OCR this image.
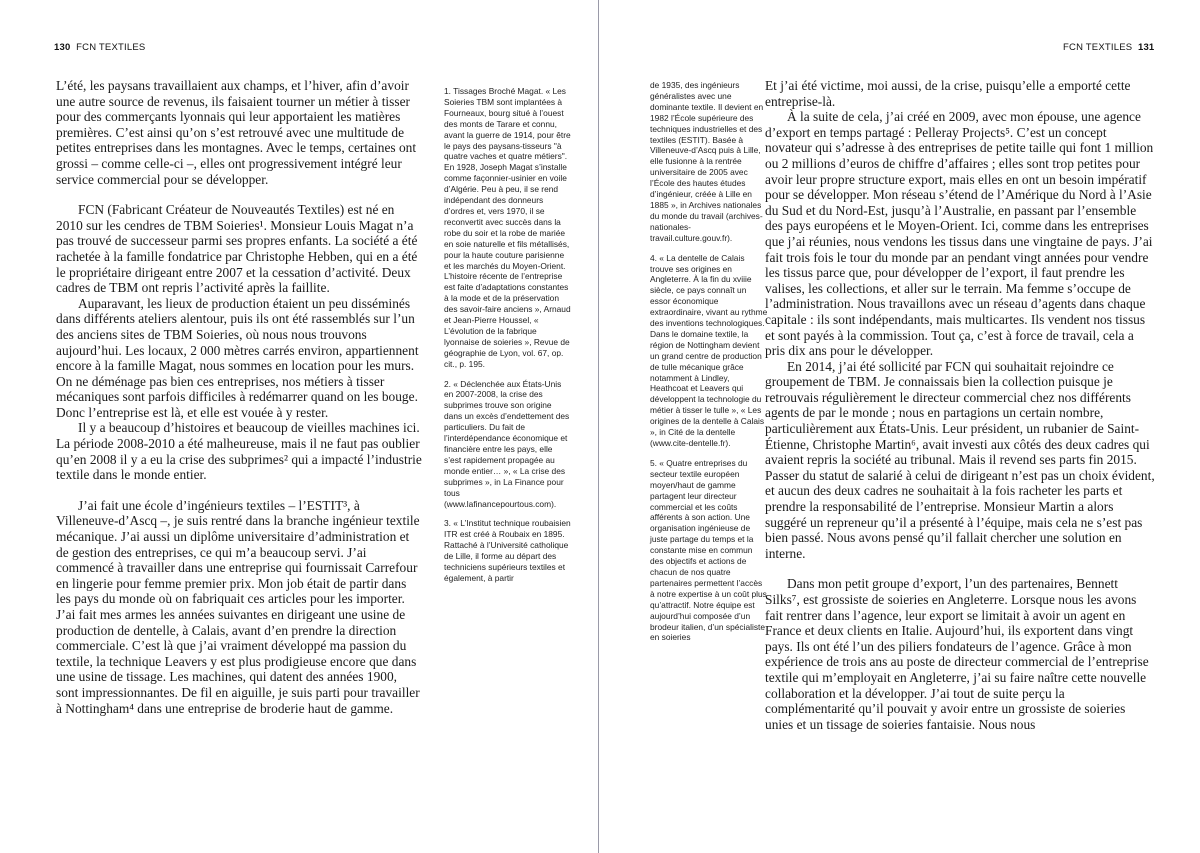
130 FCN TEXTILES

L’été, les paysans travaillaient aux champs, et l’hiver, afin d’avoir une autre source de revenus, ils faisaient tourner un métier à tisser pour des commerçants lyonnais qui leur apportaient les matières premières. C’est ainsi qu’on s’est retrouvé avec une multitude de petites entreprises dans les montagnes. Avec le temps, certaines ont grossi – comme celle-ci –, elles ont progressivement intégré leur service commercial pour se développer.

FCN (Fabricant Créateur de Nouveautés Textiles) est né en 2010 sur les cendres de TBM Soieries¹. Monsieur Louis Magat n’a pas trouvé de successeur parmi ses propres enfants. La société a été rachetée à la famille fondatrice par Christophe Hebben, qui en a été le propriétaire dirigeant entre 2007 et la cessation d’activité. Deux cadres de TBM ont repris l’activité après la faillite.

Auparavant, les lieux de production étaient un peu disséminés dans différents ateliers alentour, puis ils ont été rassemblés sur l’un des anciens sites de TBM Soieries, où nous nous trouvons aujourd’hui. Les locaux, 2 000 mètres carrés environ, appartiennent encore à la famille Magat, nous sommes en location pour les murs. On ne déménage pas bien ces entreprises, nos métiers à tisser mécaniques sont parfois difficiles à redémarrer quand on les bouge. Donc l’entreprise est là, et elle est vouée à y rester.

Il y a beaucoup d’histoires et beaucoup de vieilles machines ici. La période 2008-2010 a été malheureuse, mais il ne faut pas oublier qu’en 2008 il y a eu la crise des subprimes² qui a impacté l’industrie textile dans le monde entier.

J’ai fait une école d’ingénieurs textiles – l’ESTIT³, à Villeneuve-d’Ascq –, je suis rentré dans la branche ingénieur textile mécanique. J’ai aussi un diplôme universitaire d’administration et de gestion des entreprises, ce qui m’a beaucoup servi. J’ai commencé à travailler dans une entreprise qui fournissait Carrefour en lingerie pour femme premier prix. Mon job était de partir dans les pays du monde où on fabriquait ces articles pour les importer. J’ai fait mes armes les années suivantes en dirigeant une usine de production de dentelle, à Calais, avant d’en prendre la direction commerciale. C’est là que j’ai vraiment développé ma passion du textile, la technique Leavers y est plus prodigieuse encore que dans une usine de tissage. Les machines, qui datent des années 1900, sont impressionnantes. De fil en aiguille, je suis parti pour travailler à Nottingham⁴ dans une entreprise de broderie haut de gamme.

1. Tissages Broché Magat. « Les Soieries TBM sont implantées à Fourneaux, bourg situé à l’ouest des monts de Tarare et connu, avant la guerre de 1914, pour être le pays des paysans-tisseurs "à quatre vaches et quatre métiers". En 1928, Joseph Magat s’installe comme façonnier-usinier en voile d’Algérie. Peu à peu, il se rend indépendant des donneurs d’ordres et, vers 1970, il se reconvertit avec succès dans la robe du soir et la robe de mariée en soie naturelle et fils métallisés, pour la haute couture parisienne et les marchés du Moyen-Orient. L’histoire récente de l’entreprise est faite d’adaptations constantes à la mode et de la préservation des savoir-faire anciens », Arnaud et Jean-Pierre Houssel, « L’évolution de la fabrique lyonnaise de soieries », Revue de géographie de Lyon, vol. 67, op. cit., p. 195.

2. « Déclenchée aux États-Unis en 2007-2008, la crise des subprimes trouve son origine dans un excès d’endettement des particuliers. Du fait de l’interdépendance économique et financière entre les pays, elle s’est rapidement propagée au monde entier… », « La crise des subprimes », in La Finance pour tous (www.lafinancepourtous.com).

3. « L’Institut technique roubaisien ITR est créé à Roubaix en 1895. Rattaché à l’Université catholique de Lille, il forme au départ des techniciens supérieurs textiles et également, à partir

FCN TEXTILES 131

de 1935, des ingénieurs généralistes avec une dominante textile. Il devient en 1982 l’École supérieure des techniques industrielles et des textiles (ESTIT). Basée à Villeneuve-d’Ascq puis à Lille, elle fusionne à la rentrée universitaire de 2005 avec l’École des hautes études d’ingénieur, créée à Lille en 1885 », in Archives nationales du monde du travail (archives-nationales-travail.culture.gouv.fr).

4. « La dentelle de Calais trouve ses origines en Angleterre. À la fin du xviiie siècle, ce pays connaît un essor économique extraordinaire, vivant au rythme des inventions technologiques. Dans le domaine textile, la région de Nottingham devient un grand centre de production de tulle mécanique grâce notamment à Lindley, Heathcoat et Leavers qui développent la technologie du métier à tisser le tulle », « Les origines de la dentelle à Calais », in Cité de la dentelle (www.cite-dentelle.fr).

5. « Quatre entreprises du secteur textile européen moyen/haut de gamme partagent leur directeur commercial et les coûts afférents à son action. Une organisation ingénieuse de juste partage du temps et la constante mise en commun des objectifs et actions de chacun de nos quatre partenaires permettent l’accès à notre expertise à un coût plus qu’attractif. Notre équipe est aujourd’hui composée d’un brodeur italien, d’un spécialiste en soieries

Et j’ai été victime, moi aussi, de la crise, puisqu’elle a emporté cette entreprise-là.

À la suite de cela, j’ai créé en 2009, avec mon épouse, une agence d’export en temps partagé : Pelleray Projects⁵. C’est un concept novateur qui s’adresse à des entreprises de petite taille qui font 1 million ou 2 millions d’euros de chiffre d’affaires ; elles sont trop petites pour avoir leur propre structure export, mais elles en ont un besoin impératif pour se développer. Mon réseau s’étend de l’Amérique du Nord à l’Asie du Sud et du Nord-Est, jusqu’à l’Australie, en passant par l’ensemble des pays européens et le Moyen-Orient. Ici, comme dans les entreprises que j’ai réunies, nous vendons les tissus dans une vingtaine de pays. J’ai fait trois fois le tour du monde par an pendant vingt années pour vendre les tissus parce que, pour développer de l’export, il faut prendre les valises, les collections, et aller sur le terrain. Ma femme s’occupe de l’administration. Nous travaillons avec un réseau d’agents dans chaque capitale : ils sont indépendants, mais multicartes. Ils vendent nos tissus et sont payés à la commission. Tout ça, c’est à force de travail, cela a pris dix ans pour le développer.

En 2014, j’ai été sollicité par FCN qui souhaitait rejoindre ce groupement de TBM. Je connaissais bien la collection puisque je retrouvais régulièrement le directeur commercial chez nos différents agents de par le monde ; nous en partagions un certain nombre, particulièrement aux États-Unis. Leur président, un rubanier de Saint-Étienne, Christophe Martin⁶, avait investi aux côtés des deux cadres qui avaient repris la société au tribunal. Mais il revend ses parts fin 2015. Passer du statut de salarié à celui de dirigeant n’est pas un choix évident, et aucun des deux cadres ne souhaitait à la fois racheter les parts et prendre la responsabilité de l’entreprise. Monsieur Martin a alors suggéré un repreneur qu’il a présenté à l’équipe, mais cela ne s’est pas bien passé. Nous avons pensé qu’il fallait chercher une solution en interne.

Dans mon petit groupe d’export, l’un des partenaires, Bennett Silks⁷, est grossiste de soieries en Angleterre. Lorsque nous les avons fait rentrer dans l’agence, leur export se limitait à avoir un agent en France et deux clients en Italie. Aujourd’hui, ils exportent dans vingt pays. Ils ont été l’un des piliers fondateurs de l’agence. Grâce à mon expérience de trois ans au poste de directeur commercial de l’entreprise textile qui m’employait en Angleterre, j’ai su faire naître cette nouvelle collaboration et la développer. J’ai tout de suite perçu la complémentarité qu’il pouvait y avoir entre un grossiste de soieries unies et un tissage de soieries fantaisie. Nous nous
